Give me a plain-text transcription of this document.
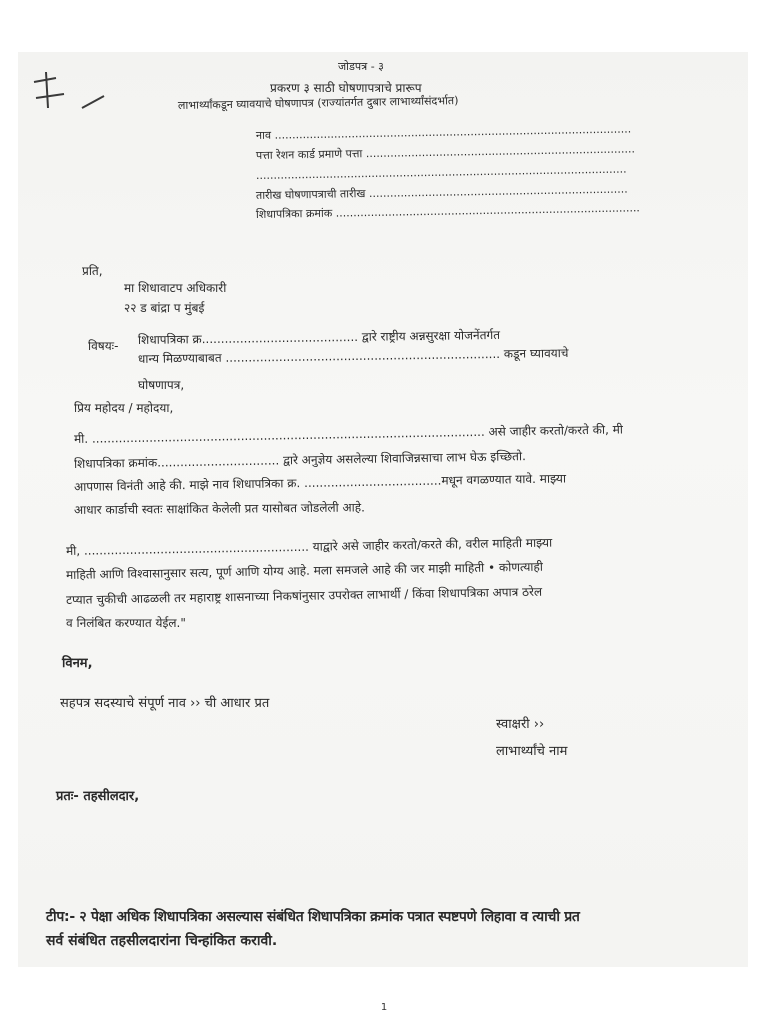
जोडपत्र - ३
प्रकरण ३ साठी घोषणापत्राचे प्रारूप
लाभार्थ्यांकडून घ्यावयाचे घोषणापत्र (राज्यांतर्गत दुबार लाभार्थ्यांसंदर्भात)
नाव ......................................................................................................
पत्ता रेशन कार्ड प्रमाणे पत्ता .............................................................................
..........................................................................................................
तारीख घोषणापत्राची तारीख ..........................................................................
शिधापत्रिका क्रमांक .......................................................................................
प्रति,
मा शिधावाटप अधिकारी
२२ ड बांद्रा प मुंबई
विषयः- शिधापत्रिका क्र......................................... द्वारे राष्ट्रीय अन्नसुरक्षा योजनेंतर्गत
धान्य मिळण्याबाबत ........................................................................ कडून घ्यावयाचे
घोषणापत्र,
प्रिय महोदय / महोदया,
मी. ....................................................................................................... असे जाहीर करतो/करते की, मी
शिधापत्रिका क्रमांक................................ द्वारे अनुज्ञेय असलेल्या शिवाजिन्नसाचा लाभ घेऊ इच्छितो.
आपणास विनंती आहे की. माझे नाव शिधापत्रिका क्र. ....................................मधून वगळण्यात यावे. माझ्या
आधार कार्डाची स्वतः साक्षांकित केलेली प्रत यासोबत जोडलेली आहे.
मी, ........................................................... याद्वारे असे जाहीर करतो/करते की, वरील माहिती माझ्या
माहिती आणि विश्वासानुसार सत्य, पूर्ण आणि योग्य आहे. मला समजले आहे की जर माझी माहिती • कोणत्याही
टप्यात चुकीची आढळली तर महाराष्ट्र शासनाच्या निकषांनुसार उपरोक्त लाभार्थी / किंवा शिधापत्रिका अपात्र ठरेल
व निलंबित करण्यात येईल."
विनम,
सहपत्र सदस्याचे संपूर्ण नाव ›› ची आधार प्रत
स्वाक्षरी ››
लाभार्थ्यांचे नाम
प्रतः- तहसीलदार,
टीप:- २ पेक्षा अधिक शिधापत्रिका असल्यास संबंधित शिधापत्रिका क्रमांक पत्रात स्पष्टपणे लिहावा व त्याची प्रत
सर्व संबंधित तहसीलदारांना चिन्हांकित करावी.
1
